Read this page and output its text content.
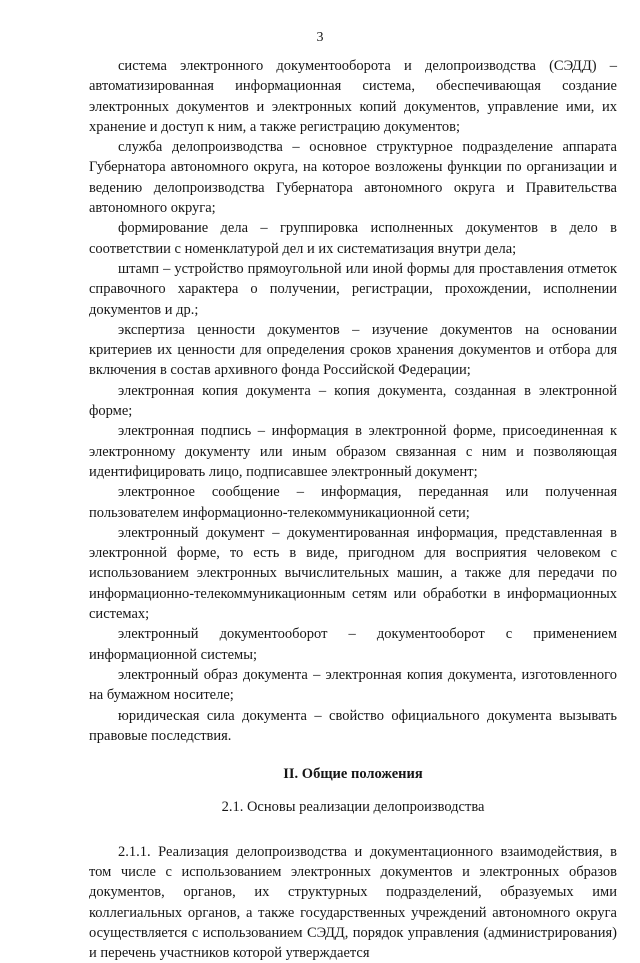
3

система электронного документооборота и делопроизводства (СЭДД) – автоматизированная информационная система, обеспечивающая создание электронных документов и электронных копий документов, управление ими, их хранение и доступ к ним, а также регистрацию документов;

служба делопроизводства – основное структурное подразделение аппарата Губернатора автономного округа, на которое возложены функции по организации и ведению делопроизводства Губернатора автономного округа и Правительства автономного округа;

формирование дела – группировка исполненных документов в дело в соответствии с номенклатурой дел и их систематизация внутри дела;

штамп – устройство прямоугольной или иной формы для проставления отметок справочного характера о получении, регистрации, прохождении, исполнении документов и др.;

экспертиза ценности документов – изучение документов на основании критериев их ценности для определения сроков хранения документов и отбора для включения в состав архивного фонда Российской Федерации;

электронная копия документа – копия документа, созданная в электронной форме;

электронная подпись – информация в электронной форме, присоединенная к электронному документу или иным образом связанная с ним и позволяющая идентифицировать лицо, подписавшее электронный документ;

электронное сообщение – информация, переданная или полученная пользователем информационно-телекоммуникационной сети;

электронный документ – документированная информация, представленная в электронной форме, то есть в виде, пригодном для восприятия человеком с использованием электронных вычислительных машин, а также для передачи по информационно-телекоммуникационным сетям или обработки в информационных системах;

электронный документооборот – документооборот с применением информационной системы;

электронный образ документа – электронная копия документа, изготовленного на бумажном носителе;

юридическая сила документа – свойство официального документа вызывать правовые последствия.

II. Общие положения

2.1. Основы реализации делопроизводства

2.1.1. Реализация делопроизводства и документационного взаимодействия, в том числе с использованием электронных документов и электронных образов документов, органов, их структурных подразделений, образуемых ими коллегиальных органов, а также государственных учреждений автономного округа осуществляется с использованием СЭДД, порядок управления (администрирования) и перечень участников которой утверждается
